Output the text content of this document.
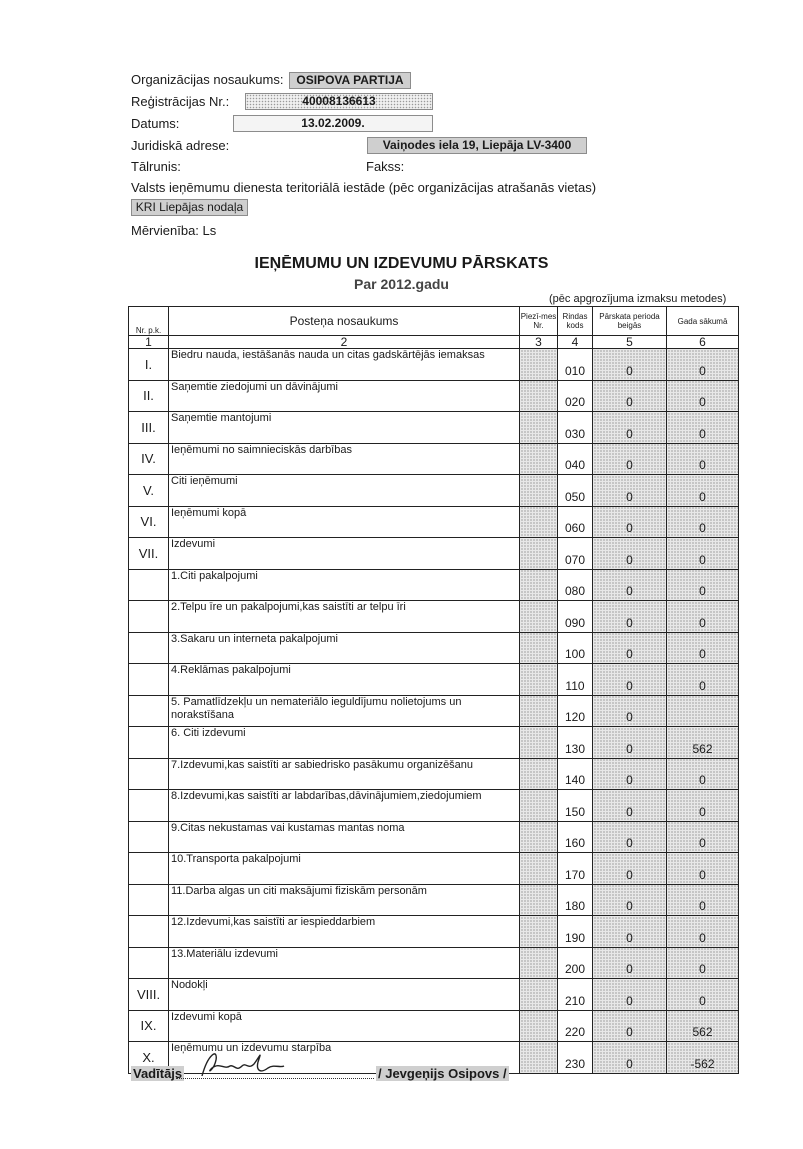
Organizācijas nosaukums:	OSIPOVA PARTIJA
Reģistrācijas Nr.:	40008136613
Datums:	13.02.2009.
Juridiskā adrese:	Vaiņodes iela 19, Liepāja LV-3400
Tālrunis:	Fakss:
Valsts ieņēmumu dienesta teritoriālā iestāde (pēc organizācijas atrašanās vietas)
KRI Liepājas nodaļa
Mērvienība: Ls
IEŅĒMUMU UN IZDEVUMU PĀRSKATS
Par 2012.gadu
(pēc apgrozījuma izmaksu metodes)
Nr. p.k.	Posteņa nosaukums	Piezī-mes Nr.	Rindas kods	Pārskata perioda beigās	Gada sākumā
1	2	3	4	5	6
I.	Biedru nauda, iestāšanās nauda un citas gadskārtējās iemaksas		010	0	0
II.	Saņemtie ziedojumi un dāvinājumi		020	0	0
III.	Saņemtie mantojumi		030	0	0
IV.	Ieņēmumi no saimnieciskās darbības		040	0	0
V.	Citi ieņēmumi		050	0	0
VI.	Ieņēmumi kopā		060	0	0
VII.	Izdevumi		070	0	0
	1.Citi pakalpojumi		080	0	0
	2.Telpu īre un pakalpojumi,kas saistīti ar telpu īri		090	0	0
	3.Sakaru un interneta pakalpojumi		100	0	0
	4.Reklāmas pakalpojumi		110	0	0
	5. Pamatlīdzekļu un nemateriālo ieguldījumu nolietojums un norakstīšana		120	0	
	6. Citi izdevumi		130	0	562
	7.Izdevumi,kas saistīti ar sabiedrisko pasākumu organizēšanu		140	0	0
	8.Izdevumi,kas saistīti ar labdarības,dāvinājumiem,ziedojumiem		150	0	0
	9.Citas nekustamas vai kustamas mantas noma		160	0	0
	10.Transporta pakalpojumi		170	0	0
	11.Darba algas un citi maksājumi fiziskām personām		180	0	0
	12.Izdevumi,kas saistīti ar iespieddarbiem		190	0	0
	13.Materiālu izdevumi		200	0	0
VIII.	Nodokļi		210	0	0
IX.	Izdevumi kopā		220	0	562
X.	Ieņēmumu un izdevumu starpība		230	0	-562
Vadītājs	/ Jevgeņijs Osipovs /
